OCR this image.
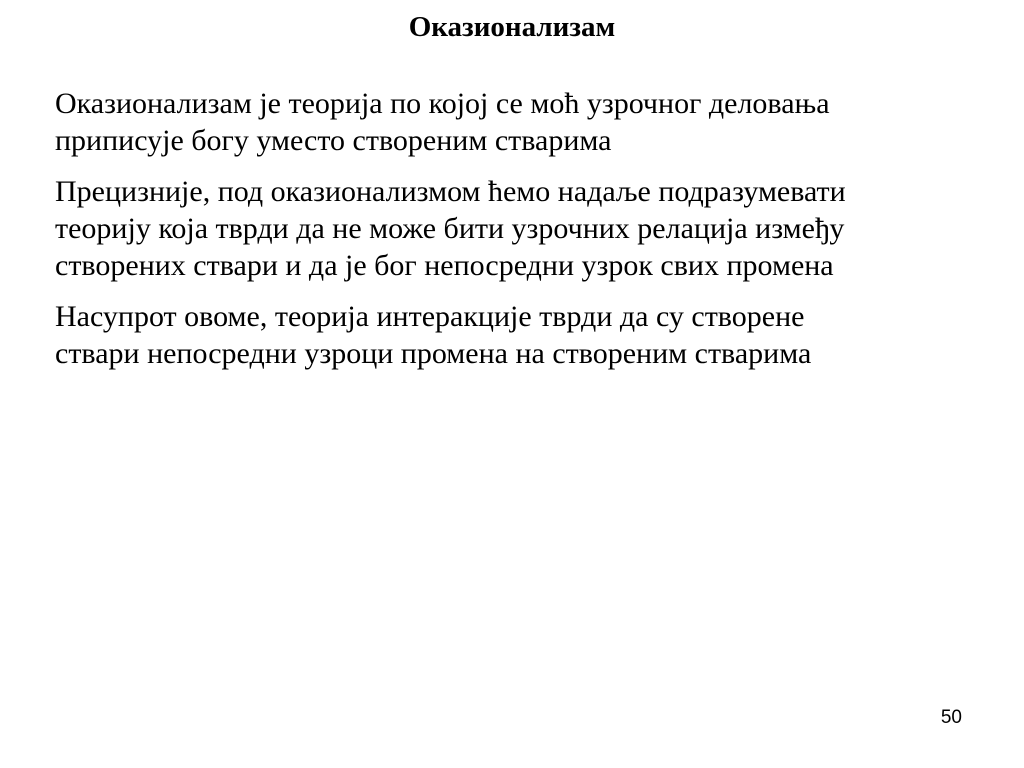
Оказионализам

Оказионализам је теорија по којој се моћ узрочног деловања
приписује богу уместо створеним стварима

Прецизније, под оказионализмом ћемо надаље подразумевати
теорију која тврди да не може бити узрочних релација између
створених ствари и да је бог непосредни узрок свих промена

Насупрот овоме, теорија интеракције тврди да су створене
ствари непосредни узроци промена на створеним стварима

50
